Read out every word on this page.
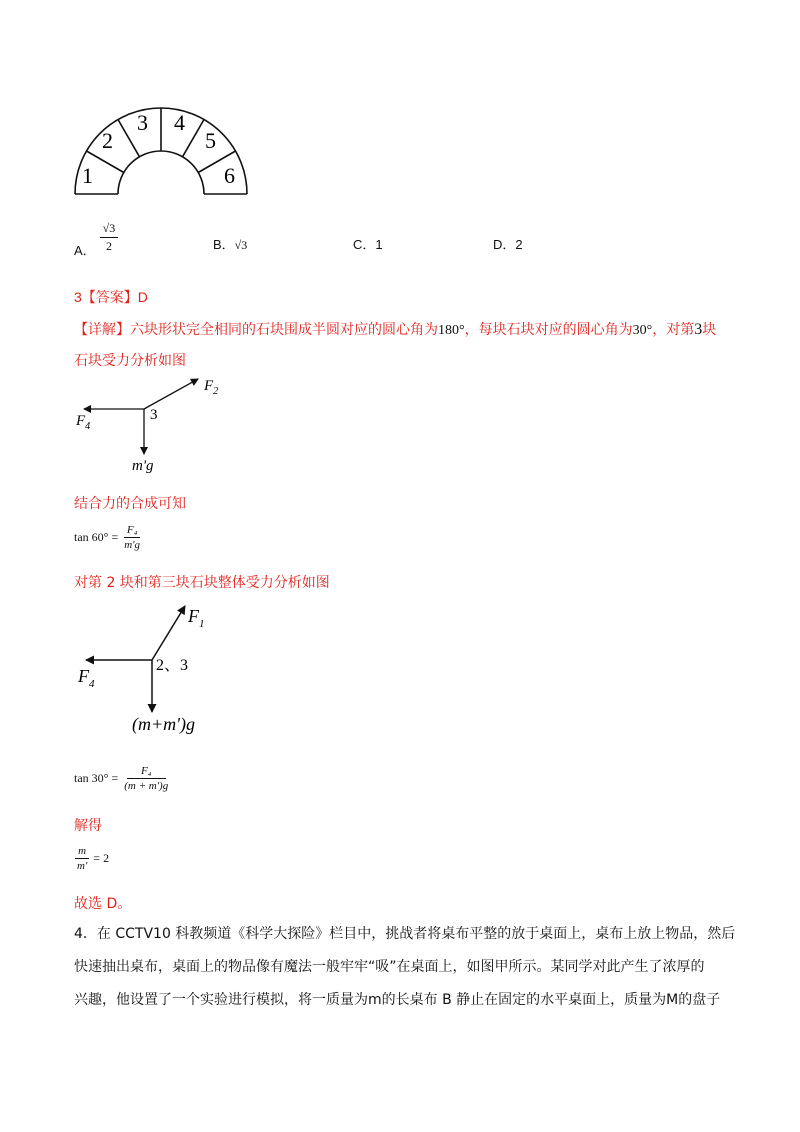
1
2
3 4
5
6
A． $\frac{√3}{2}$	B．√3	C．1	D．2
3【答案】D
【详解】六块形状完全相同的石块围成半圆对应的圆心角为180°，每块石块对应的圆心角为30°，对第3块
石块受力分析如图
$F_2$
$F_4$
3
m'g
结合力的合成可知
$\tan 60^\circ = \frac{\text{F₄}}{m'g}$
对第 2 块和第三块石块整体受力分析如图
$F_1$
$F_4$
2、3
(m+m')g
$\tan 30^\circ = \frac{\text{F₄}}{(m + m')g}$
解得
$\frac{m}{m'} = 2$
故选 D。
4．在 CCTV10 科教频道《科学大探险》栏目中，挑战者将桌布平整的放于桌面上，桌布上放上物品，然后
快速抽出桌布，桌面上的物品像有魔法一般牢牢“吸”在桌面上，如图甲所示。某同学对此产生了浓厚的
兴趣，他设置了一个实验进行模拟，将一质量为m的长桌布 B 静止在固定的水平桌面上，质量为M的盘子
